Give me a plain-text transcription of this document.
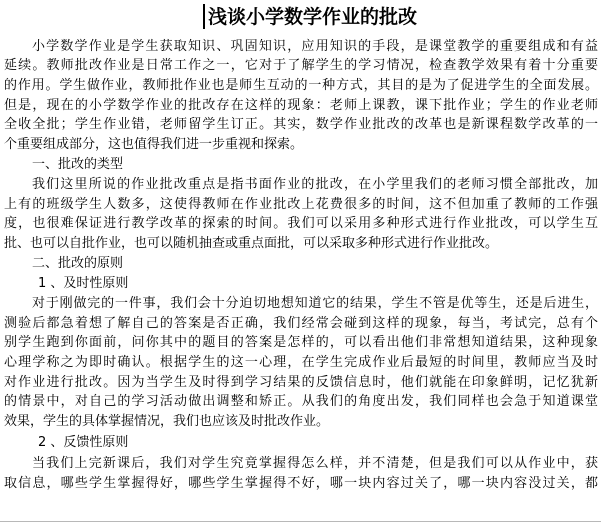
浅谈小学数学作业的批改

小学数学作业是学生获取知识、巩固知识，应用知识的手段，是课堂教学的重要组成和有益

延续。教师批改作业是日常工作之一，它对于了解学生的学习情况，检查教学效果有着十分重要

的作用。学生做作业，教师批作业也是师生互动的一种方式，其目的是为了促进学生的全面发展。

但是，现在的小学数学作业的批改存在这样的现象：老师上课教，课下批作业；学生的作业老师

全收全批；学生作业错，老师留学生订正。其实，数学作业批改的改革也是新课程数学改革的一

个重要组成部分，这也值得我们进一步重视和探索。

一、批改的类型

我们这里所说的作业批改重点是指书面作业的批改，在小学里我们的老师习惯全部批改，加

上有的班级学生人数多，这使得教师在作业批改上花费很多的时间，这不但加重了教师的工作强

度，也很难保证进行教学改革的探索的时间。我们可以采用多种形式进行作业批改，可以学生互

批、也可以自批作业，也可以随机抽查或重点面批，可以采取多种形式进行作业批改。

二、批改的原则

1 、及时性原则

对于刚做完的一件事，我们会十分迫切地想知道它的结果，学生不管是优等生，还是后进生，

测验后都急着想了解自己的答案是否正确，我们经常会碰到这样的现象，每当，考试完，总有个

别学生跑到你面前，问你其中的题目的答案是怎样的，可以看出他们非常想知道结果，这种现象

心理学称之为即时确认。根据学生的这一心理，在学生完成作业后最短的时间里，教师应当及时

对作业进行批改。因为当学生及时得到学习结果的反馈信息时，他们就能在印象鲜明，记忆犹新

的情景中，对自己的学习活动做出调整和矫正。从我们的角度出发，我们同样也会急于知道课堂

效果，学生的具体掌握情况，我们也应该及时批改作业。

2 、反馈性原则

当我们上完新课后，我们对学生究竟掌握得怎么样，并不清楚，但是我们可以从作业中，获

取信息，哪些学生掌握得好，哪些学生掌握得不好，哪一块内容过关了，哪一块内容没过关，都
